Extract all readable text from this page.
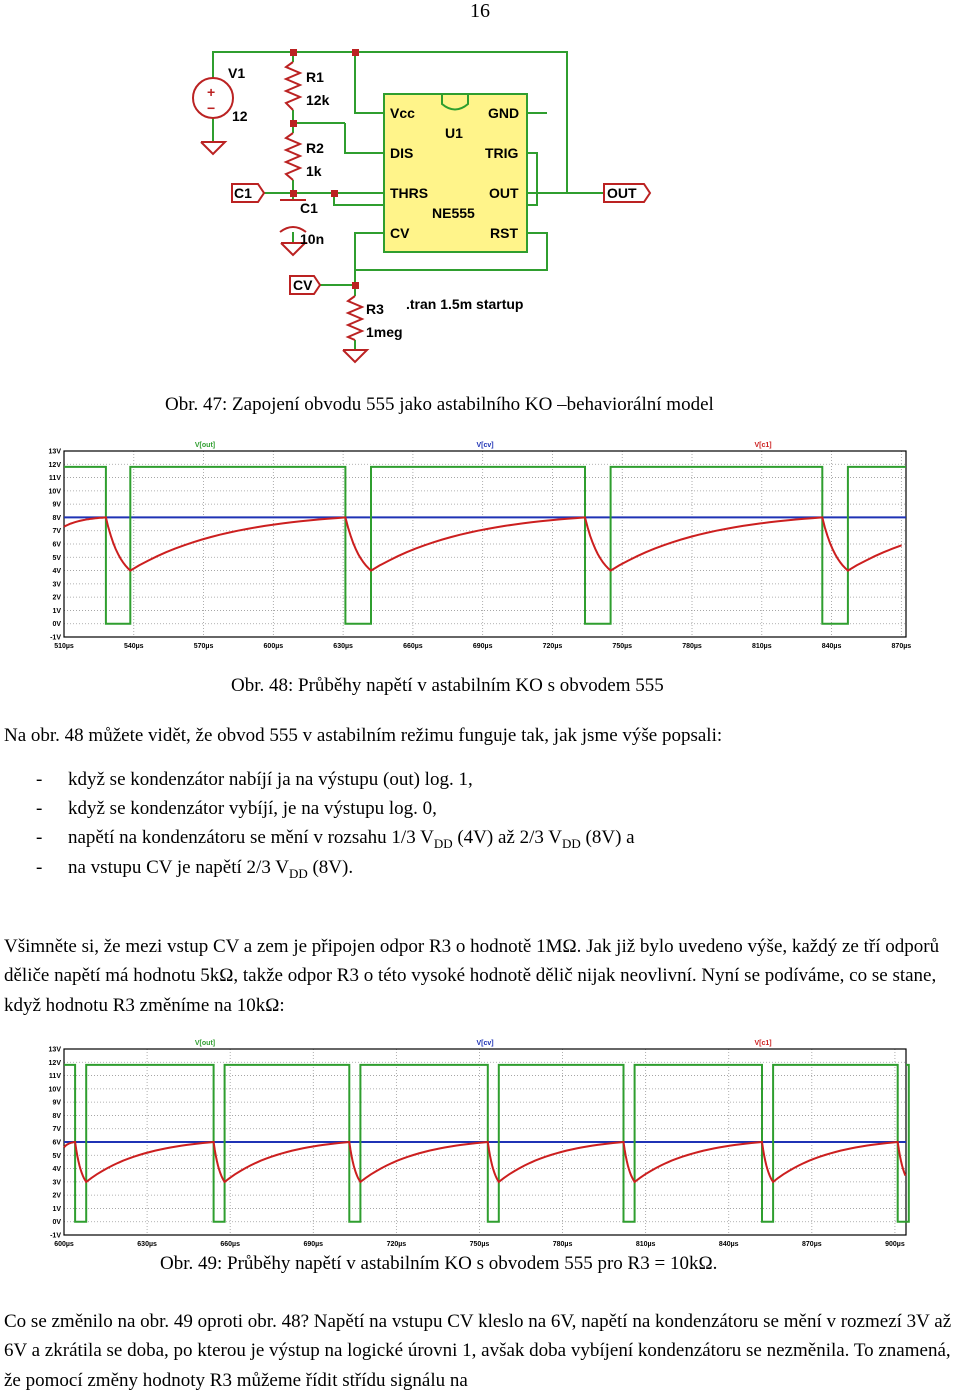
16
+
−
C1	OUT
CV
V1
12
R1
12k
R2
1k
C1
10n
R3
1meg
.tran 1.5m startup
Vcc	GND
U1
DIS	TRIG
THRS	OUT
NE555
CV	RST
Obr. 47: Zapojení obvodu 555 jako astabilního KO –behaviorální model
13V
12V
11V
10V
9V
8V
7V
6V
5V
4V
3V
2V
1V
0V
-1V
510µs	540µs	570µs	600µs	630µs	660µs	690µs	720µs	750µs	780µs	810µs	840µs	870µs
V[out]	V[cv]	V[c1]
Obr. 48: Průběhy napětí v astabilním KO s obvodem 555
Na obr. 48 můžete vidět, že obvod 555 v astabilním režimu funguje tak, jak jsme výše popsali:
- když se kondenzátor nabíjí ja na výstupu (out) log. 1,
- když se kondenzátor vybíjí, je na výstupu log. 0,
- napětí na kondenzátoru se mění v rozsahu 1/3 $V_{DD}$ (4V) až 2/3 $V_{DD}$ (8V) a
- na vstupu CV je napětí 2/3 $V_{DD}$ (8V).
Všimněte si, že mezi vstup CV a zem je připojen odpor R3 o hodnotě 1MΩ. Jak již bylo uvedeno výše, každý ze tří odporů děliče napětí má hodnotu 5kΩ, takže odpor R3 o této vysoké hodnotě dělič nijak neovlivní. Nyní se podíváme, co se stane, když hodnotu R3 změníme na 10kΩ:
13V
12V
11V
10V
9V
8V
7V
6V
5V
4V
3V
2V
1V
0V
-1V
600µs	630µs	660µs	690µs	720µs	750µs	780µs	810µs	840µs	870µs	900µs
V[out]	V[cv]	V[c1]
Obr. 49: Průběhy napětí v astabilním KO s obvodem 555 pro R3 = 10kΩ.
Co se změnilo na obr. 49 oproti obr. 48? Napětí na vstupu CV kleslo na 6V, napětí na kondenzátoru se mění v rozmezí 3V až 6V a zkrátila se doba, po kterou je výstup na logické úrovni 1, avšak doba vybíjení kondenzátoru se nezměnila. To znamená, že pomocí změny hodnoty R3 můžeme řídit střídu signálu na
